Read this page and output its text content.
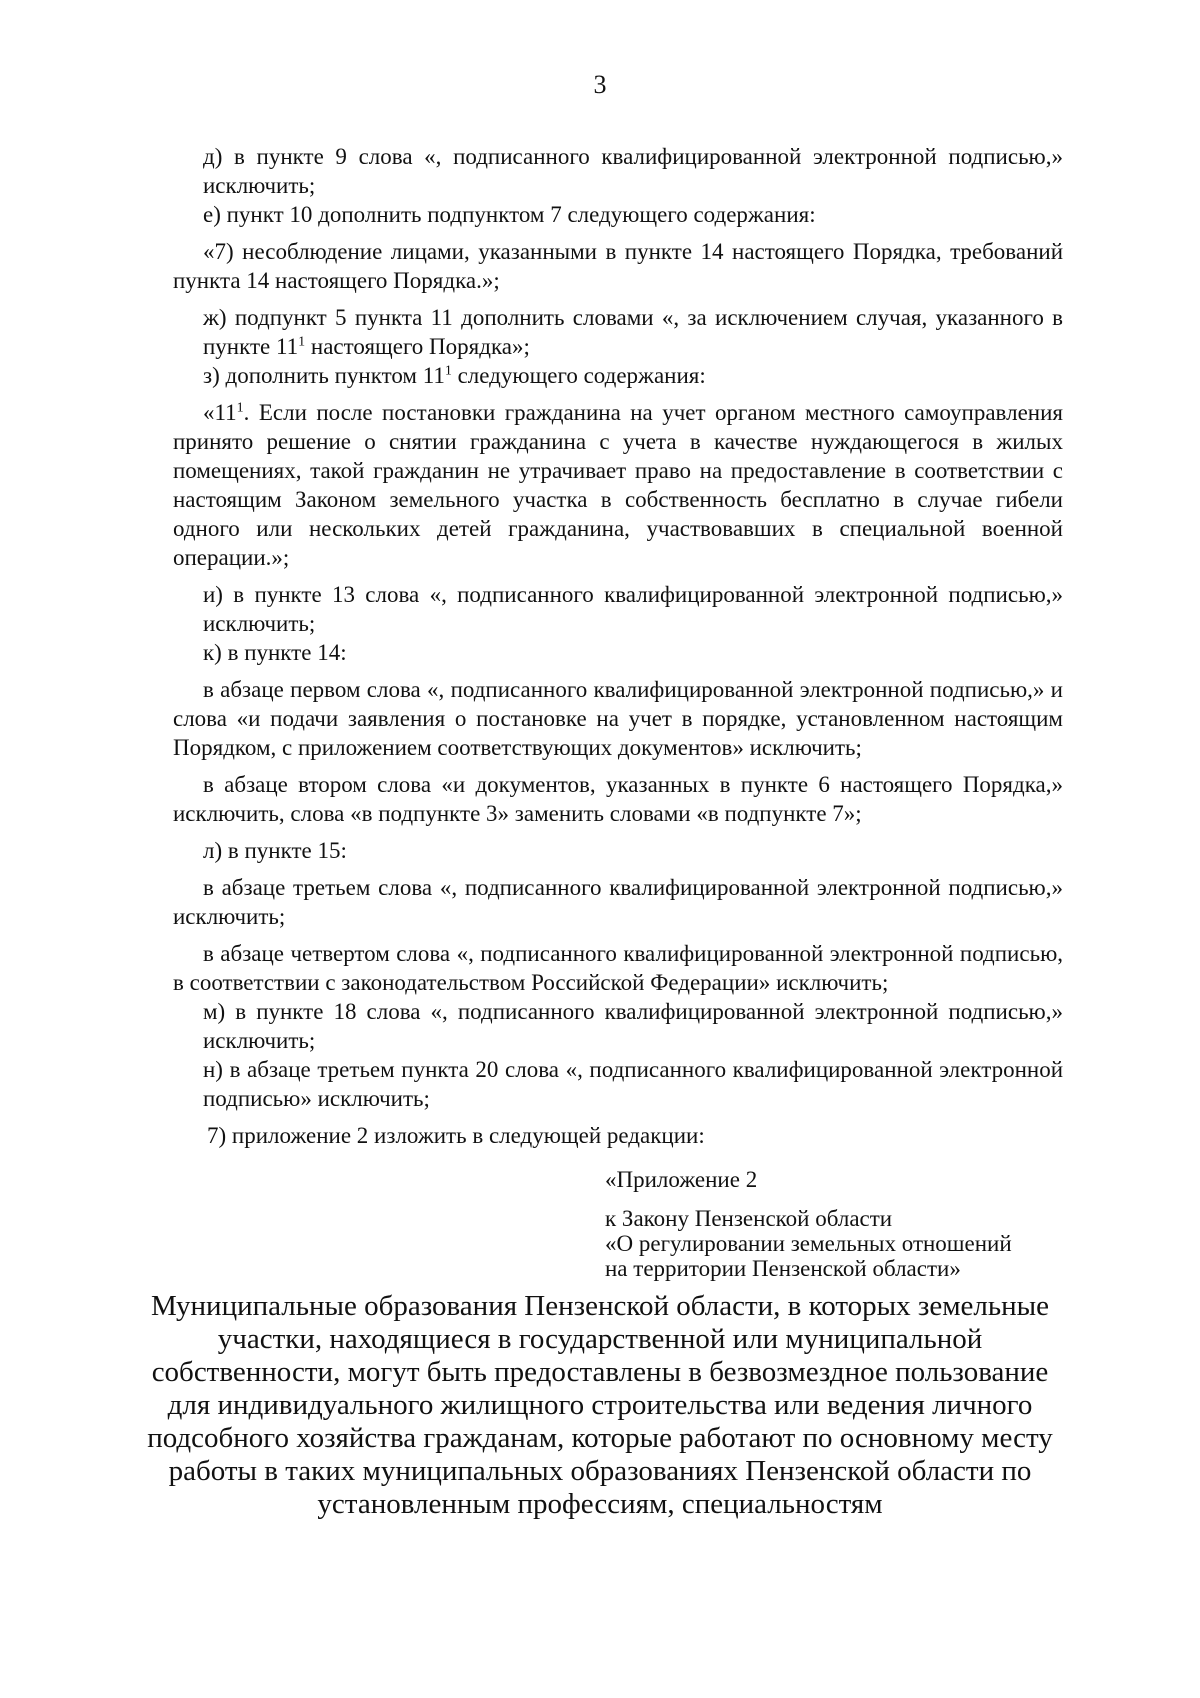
3

д) в пункте 9 слова «, подписанного квалифицированной электронной подписью,» исключить;

е) пункт 10 дополнить подпунктом 7 следующего содержания:

«7) несоблюдение лицами, указанными в пункте 14 настоящего Порядка, требований пункта 14 настоящего Порядка.»;

ж) подпункт 5 пункта 11 дополнить словами «, за исключением случая, указанного в пункте $11^1$ настоящего Порядка»;

з) дополнить пунктом $11^1$ следующего содержания:

«$11^1$. Если после постановки гражданина на учет органом местного самоуправления принято решение о снятии гражданина с учета в качестве нуждающегося в жилых помещениях, такой гражданин не утрачивает право на предоставление в соответствии с настоящим Законом земельного участка в собственность бесплатно в случае гибели одного или нескольких детей гражданина, участвовавших в специальной военной операции.»;

и) в пункте 13 слова «, подписанного квалифицированной электронной подписью,» исключить;

к) в пункте 14:

в абзаце первом слова «, подписанного квалифицированной электронной подписью,» и слова «и подачи заявления о постановке на учет в порядке, установленном настоящим Порядком, с приложением соответствующих документов» исключить;

в абзаце втором слова «и документов, указанных в пункте 6 настоящего Порядка,» исключить, слова «в подпункте 3» заменить словами «в подпункте 7»;

л) в пункте 15:

в абзаце третьем слова «, подписанного квалифицированной электронной подписью,» исключить;

в абзаце четвертом слова «, подписанного квалифицированной электронной подписью, в соответствии с законодательством Российской Федерации» исключить;

м) в пункте 18 слова «, подписанного квалифицированной электронной подписью,» исключить;

н) в абзаце третьем пункта 20 слова «, подписанного квалифицированной электронной подписью» исключить;

7) приложение 2 изложить в следующей редакции:

«Приложение 2

к Закону Пензенской области

«О регулировании земельных отношений

на территории Пензенской области»

Муниципальные образования Пензенской области, в которых земельные
участки, находящиеся в государственной или муниципальной
собственности, могут быть предоставлены в безвозмездное пользование
для индивидуального жилищного строительства или ведения личного
подсобного хозяйства гражданам, которые работают по основному месту
работы в таких муниципальных образованиях Пензенской области по
установленным профессиям, специальностям
